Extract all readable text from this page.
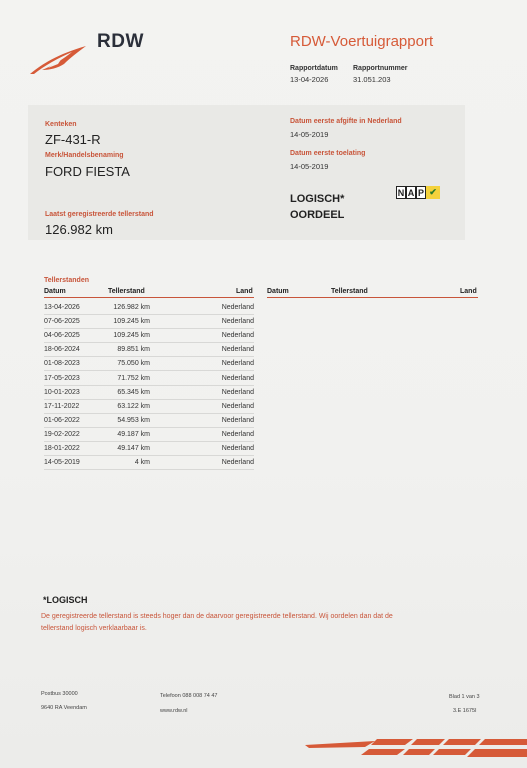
RDW	RDW-Voertuigrapport
Rapportdatum
13-04-2026
Rapportnummer
31.051.203
Kenteken
ZF-431-R
Merk/Handelsbenaming
FORD FIESTA
Laatst geregistreerde tellerstand
126.982 km
Datum eerste afgifte in Nederland
14-05-2019
Datum eerste toelating
14-05-2019
LOGISCH*
OORDEEL
N A P ✔
Tellerstanden
Datum	Tellerstand	Land Datum	Tellerstand	Land
13-04-2026	126.982 km	Nederland
07-06-2025	109.245 km	Nederland
04-06-2025	109.245 km	Nederland
18-06-2024	89.851 km	Nederland
01-08-2023	75.050 km	Nederland
17-05-2023	71.752 km	Nederland
10-01-2023	65.345 km	Nederland
17-11-2022	63.122 km	Nederland
01-06-2022	54.953 km	Nederland
19-02-2022	49.187 km	Nederland
18-01-2022	49.147 km	Nederland
14-05-2019	4 km	Nederland
*LOGISCH
De geregistreerde tellerstand is steeds hoger dan de daarvoor geregistreerde tellerstand. Wij oordelen dan dat de
tellerstand logisch verklaarbaar is.
Postbus 30000
9640 RA Veendam
Telefoon 088 008 74 47
www.rdw.nl
Blad 1 van 3
3.E 1675I
